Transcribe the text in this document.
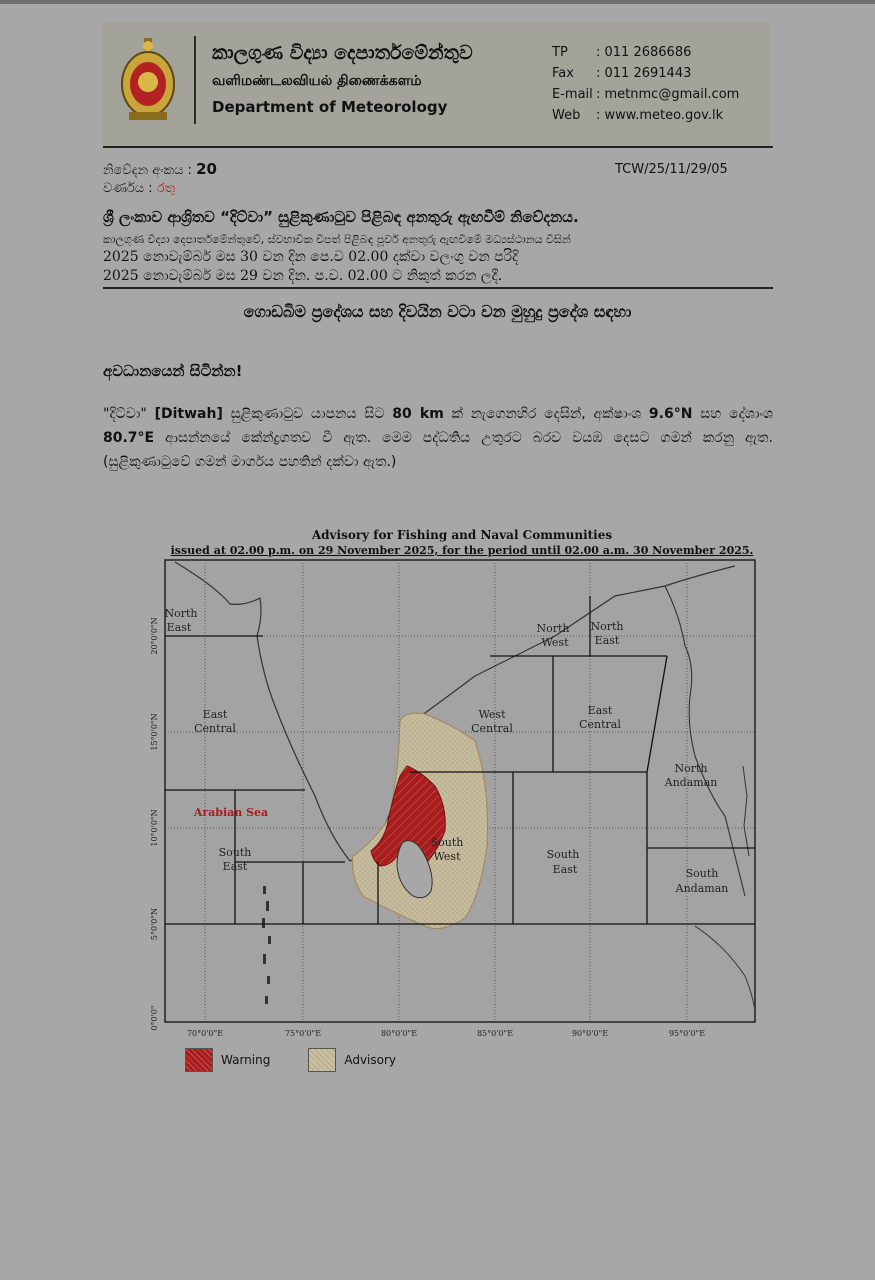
කාලගුණ විද්‍යා දෙපාර්තමේන්තුව
வளிமண்டலவியல் திணைக்களம்
Department of Meteorology
TP	: 011 2686686
Fax	: 011 2691443
E-mail : metnmc@gmail.com
Web	: www.meteo.gov.lk
නිවේදන අංකය : 20	TCW/25/11/29/05
වර්ණය : රතු
ශ්‍රී ලංකාව ආශ්‍රිතව “දිට්වා” සුළිකුණාටුව පිළිබඳ අනතුරු ඇඟවීම් නිවේදනය.
කාලගුණ විද්‍යා දෙපාර්තමේන්තුවේ, ස්වභාවික විපත් පිළිබඳ පූර්ව අනතුරු ඇඟවීමේ මධ්‍යස්ථානය විසින්
2025 නොවැම්බර් මස 30 වන දින පෙ.ව 02.00 දක්වා වලංගු වන පරිදි
2025 නොවැම්බර් මස 29 වන දින. ප.ව. 02.00 ට නිකුත් කරන ලදී.
ගොඩබිම ප්‍රදේශය සහ දිවයින වටා වන මුහුදු ප්‍රදේශ සඳහා
අවධානයෙන් සිටින්න!
"දිට්වා" [Ditwah] සුළිකුණාටුව යාපනය සිට 80 km ක් නැගෙනහිර දෙසින්, අක්ෂාංශ 9.6°N සහ දේශාංශ 80.7°E ආසන්නයේ කේන්ද්‍රගතව වී ඇත. මෙම පද්ධතිය උතුරට බරව වයඹ දෙසට ගමන් කරනු ඇත. (සුළිකුණාටුවේ ගමන් මාර්ගය පහතින් දක්වා ඇත.)
Advisory for Fishing and Naval Communities
issued at 02.00 p.m. on 29 November 2025, for the period until 02.00 a.m. 30 November 2025.
North
East
East
Central
South
East
North
West
North
East
West
Central
East
Central
South
West	South
East
North
Andaman
South
Andaman
Arabian Sea
70°0'0"E	75°0'0"E	80°0'0"E	85°0'0"E	90°0'0"E	95°0'0"E
20°0'0"N
15°0'0"N
10°0'0"N
5°0'0"N
0°0'0"
Warning	Advisory
